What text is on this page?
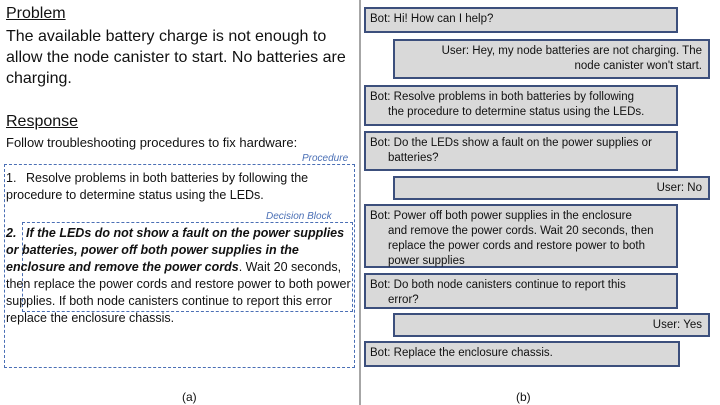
Problem
The available battery charge is not enough to allow the node canister to start. No batteries are charging.
Response
Follow troubleshooting procedures to fix hardware:
Procedure
1. Resolve problems in both batteries by following the procedure to determine status using the LEDs.
Decision Block
2. If the LEDs do not show a fault on the power supplies or batteries, power off both power supplies in the enclosure and remove the power cords. Wait 20 seconds, then replace the power cords and restore power to both power supplies. If both node canisters continue to report this error replace the enclosure chassis.
(a)
Bot: Hi! How can I help?
User: Hey, my node batteries are not charging. The
node canister won't start.
Bot: Resolve problems in both batteries by following
the procedure to determine status using the LEDs.
Bot: Do the LEDs show a fault on the power supplies or
batteries?
User: No
Bot: Power off both power supplies in the enclosure
and remove the power cords. Wait 20 seconds, then replace the power cords and restore power to both power supplies
Bot: Do both node canisters continue to report this
error?
User: Yes
Bot: Replace the enclosure chassis.
(b)
